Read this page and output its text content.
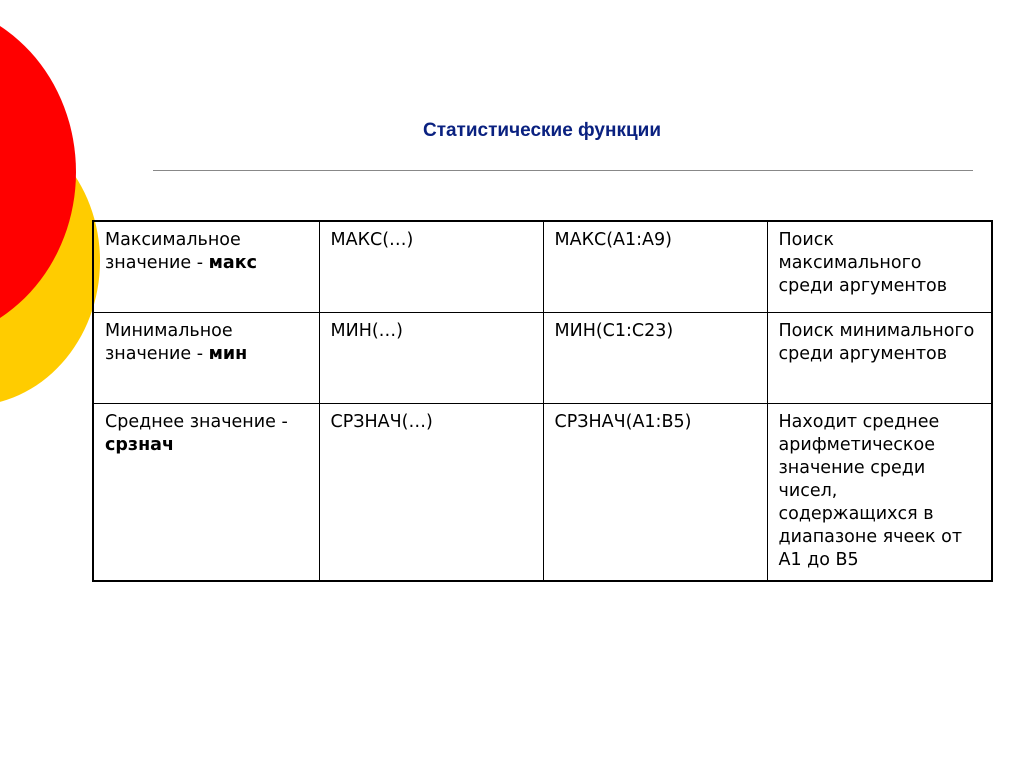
Статистические функции
Максимальное значение - макс	МАКС(…)	МАКС(А1:А9)	Поиск максимального среди аргументов
Минимальное значение - мин	МИН(…)	МИН(С1:С23)	Поиск минимального среди аргументов
Среднее значение - срзнач	СРЗНАЧ(…)	СРЗНАЧ(А1:В5)	Находит среднее арифметическое значение среди чисел, содержащихся в диапазоне ячеек от А1 до В5
